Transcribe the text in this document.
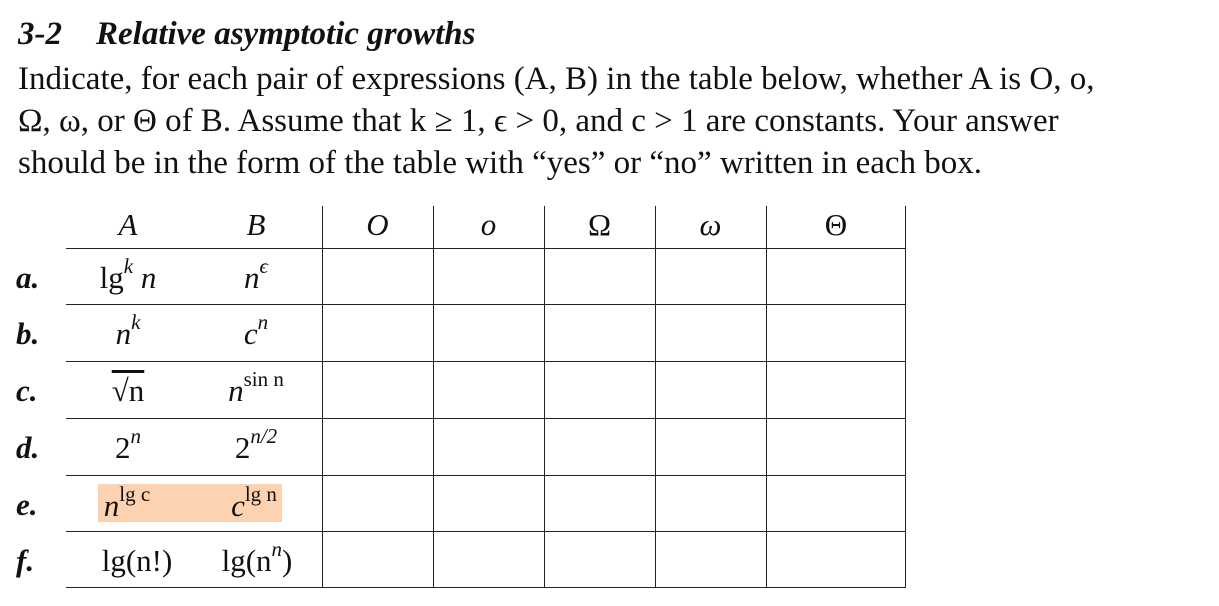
3-2 Relative asymptotic growths
Indicate, for each pair of expressions (A, B) in the table below, whether A is O, o,
Ω, ω, or Θ of B. Assume that k ≥ 1, ϵ > 0, and c > 1 are constants. Your answer
should be in the form of the table with “yes” or “no” written in each box.
A	B	O	o	Ω	ω	Θ
a.	$\lg^k n$	$n^\epsilon$
b.	$n^k$	$c^n$
c.	√n	$n^{sin n}$
d.	2$^n$	$2^{n/2}$
e.	$n^{lg c}$	$c^{lg n}$
f.	lg(n!)	$\lg(n^n)$
